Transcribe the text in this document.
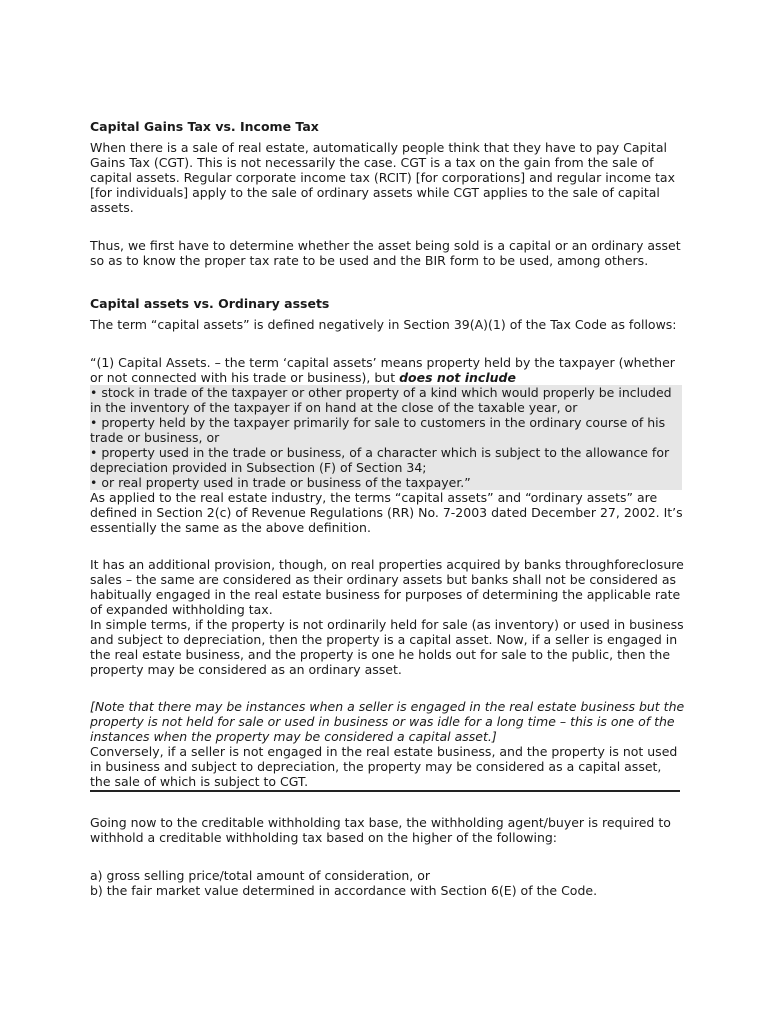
Capital Gains Tax vs. Income Tax

When there is a sale of real estate, automatically people think that they have to pay Capital
Gains Tax (CGT). This is not necessarily the case. CGT is a tax on the gain from the sale of
capital assets. Regular corporate income tax (RCIT) [for corporations] and regular income tax
[for individuals] apply to the sale of ordinary assets while CGT applies to the sale of capital
assets.

Thus, we first have to determine whether the asset being sold is a capital or an ordinary asset
so as to know the proper tax rate to be used and the BIR form to be used, among others.

Capital assets vs. Ordinary assets

The term “capital assets” is defined negatively in Section 39(A)(1) of the Tax Code as follows:

“(1) Capital Assets. – the term ‘capital assets’ means property held by the taxpayer (whether
or not connected with his trade or business), but does not include

• stock in trade of the taxpayer or other property of a kind which would properly be included
in the inventory of the taxpayer if on hand at the close of the taxable year, or
• property held by the taxpayer primarily for sale to customers in the ordinary course of his
trade or business, or
• property used in the trade or business, of a character which is subject to the allowance for
depreciation provided in Subsection (F) of Section 34;
• or real property used in trade or business of the taxpayer.”

As applied to the real estate industry, the terms “capital assets” and “ordinary assets” are
defined in Section 2(c) of Revenue Regulations (RR) No. 7-2003 dated December 27, 2002. It’s
essentially the same as the above definition.

It has an additional provision, though, on real properties acquired by banks throughforeclosure
sales – the same are considered as their ordinary assets but banks shall not be considered as
habitually engaged in the real estate business for purposes of determining the applicable rate
of expanded withholding tax.
In simple terms, if the property is not ordinarily held for sale (as inventory) or used in business
and subject to depreciation, then the property is a capital asset. Now, if a seller is engaged in
the real estate business, and the property is one he holds out for sale to the public, then the
property may be considered as an ordinary asset.

[Note that there may be instances when a seller is engaged in the real estate business but the
property is not held for sale or used in business or was idle for a long time – this is one of the
instances when the property may be considered a capital asset.]

Conversely, if a seller is not engaged in the real estate business, and the property is not used
in business and subject to depreciation, the property may be considered as a capital asset,
the sale of which is subject to CGT.

Going now to the creditable withholding tax base, the withholding agent/buyer is required to
withhold a creditable withholding tax based on the higher of the following:

a) gross selling price/total amount of consideration, or
b) the fair market value determined in accordance with Section 6(E) of the Code.
